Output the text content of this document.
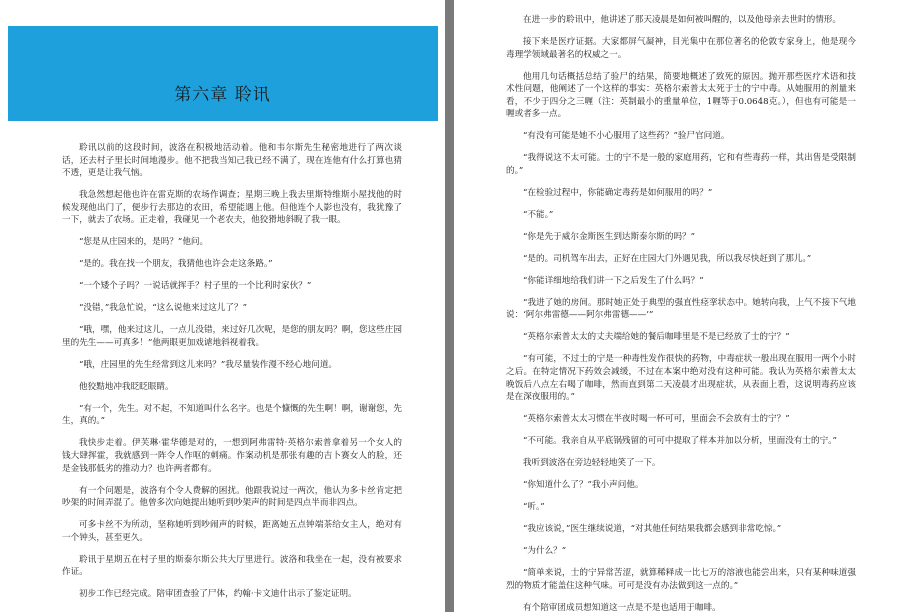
第六章 聆讯

聆讯以前的这段时间，波洛在积极地活动着。他和韦尔斯先生秘密地进行了两次谈话，还去村子里长时间地漫步。他不把我当知己我已经不满了，现在连他有什么打算也猜不透，更是让我气恼。

我急然想起他也许在雷克斯的农场作调查；星期三晚上我去里斯特维斯小屋找他的时候发现他出门了，便步行去那边的农田，希望能遇上他。但他连个人影也没有，我犹豫了一下，就去了农场。正走着，我碰见一个老农夫，他狡猾地斜睨了我一眼。

“您是从庄园来的，是吗？”他问。

“是的。我在找一个朋友，我猜他也许会走这条路。”

“一个矮个子吗？一说话就挥手？村子里的一个比利时家伙？”

“没错，”我急忙说，“这么说他来过这儿了？”

“哦，嘿，他来过这儿，一点儿没错，来过好几次呢，是您的朋友吗？啊，您这些庄园里的先生——可真多！”他两眼更加戏谑地斜视着我。

“哦，庄园里的先生经常到这儿来吗？”我尽量装作漫不经心地问道。

他狡黠地冲我眨眨眼睛。

“有一个，先生。对不起，不知道叫什么名字。也是个慷慨的先生啊！啊，谢谢您，先生，真的。”

我快步走着。伊芙琳·霍华德是对的，一想到阿弗雷特·英格尔索普拿着另一个女人的钱大肆挥霍，我就感到一阵令人作呕的刺痛。作案动机是那张有趣的吉卜赛女人的脸，还是金钱那低劣的推动力？也许两者都有。

有一个问题是，波洛有个令人费解的困扰。他跟我说过一两次，他认为多卡丝肯定把吵架的时间弄混了。他曾多次向她提出她听到吵架声的时间是四点半而非四点。

可多卡丝不为所动，坚称她听到吵闹声的时候，距离她五点钟端茶给女主人，绝对有一个钟头，甚至更久。

聆讯于星期五在村子里的斯泰尔斯公共大厅里进行。波洛和我坐在一起，没有被要求作证。

初步工作已经完成。陪审团查验了尸体，约翰·卡文迪什出示了鉴定证明。

在进一步的聆讯中，他讲述了那天凌晨是如何被叫醒的，以及他母亲去世时的情形。

接下来是医疗证据。大家都屏气凝神，目光集中在那位著名的伦敦专家身上，他是现今毒理学领域最著名的权威之一。

他用几句话概括总结了验尸的结果，简要地概述了致死的原因。抛开那些医疗术语和技术性问题，他阐述了一个这样的事实：英格尔索普太太死于士的宁中毒。从她服用的剂量来看，不少于四分之三喱（注：英制最小的重量单位，1喱等于0.0648克。），但也有可能是一喱或者多一点。

“有没有可能是她不小心服用了这些药？”验尸官问道。

“我得说这不太可能。士的宁不是一般的家庭用药，它和有些毒药一样，其出售是受限制的。”

“在检验过程中，你能确定毒药是如何服用的吗？”

“不能。”

“你是先于威尔金斯医生到达斯泰尔斯的吗？”

“是的。司机驾车出去，正好在庄园大门外遇见我，所以我尽快赶到了那儿。”

“你能详细地给我们讲一下之后发生了什么吗？”

“我进了她的房间。那时她正处于典型的强直性痉挛状态中。她转向我，上气不接下气地说：‘阿尔弗雷德——阿尔弗雷德——’”

“英格尔索普太太的丈夫端给她的餐后咖啡里是不是已经放了士的宁？”

“有可能，不过士的宁是一种毒性发作很快的药物，中毒症状一般出现在服用一两个小时之后。在特定情况下药效会减缓，不过在本案中绝对没有这种可能。我认为英格尔索普太太晚饭后八点左右喝了咖啡，然而直到第二天凌晨才出现症状，从表面上看，这说明毒药应该是在深夜服用的。”

“英格尔索普太太习惯在半夜时喝一杯可可，里面会不会放有士的宁？”

“不可能。我亲自从平底锅残留的可可中提取了样本并加以分析，里面没有士的宁。”

我听到波洛在旁边轻轻地笑了一下。

“你知道什么了？”我小声问他。

“听。”

“我应该说，”医生继续说道，“对其他任何结果我都会感到非常吃惊。”

“为什么？”

“简单来说，士的宁异常苦涩，就算稀释成一比七万的溶液也能尝出来，只有某种味道强烈的物质才能盖住这种气味。可可是没有办法做到这一点的。”

有个陪审团成员想知道这一点是不是也适用于咖啡。
